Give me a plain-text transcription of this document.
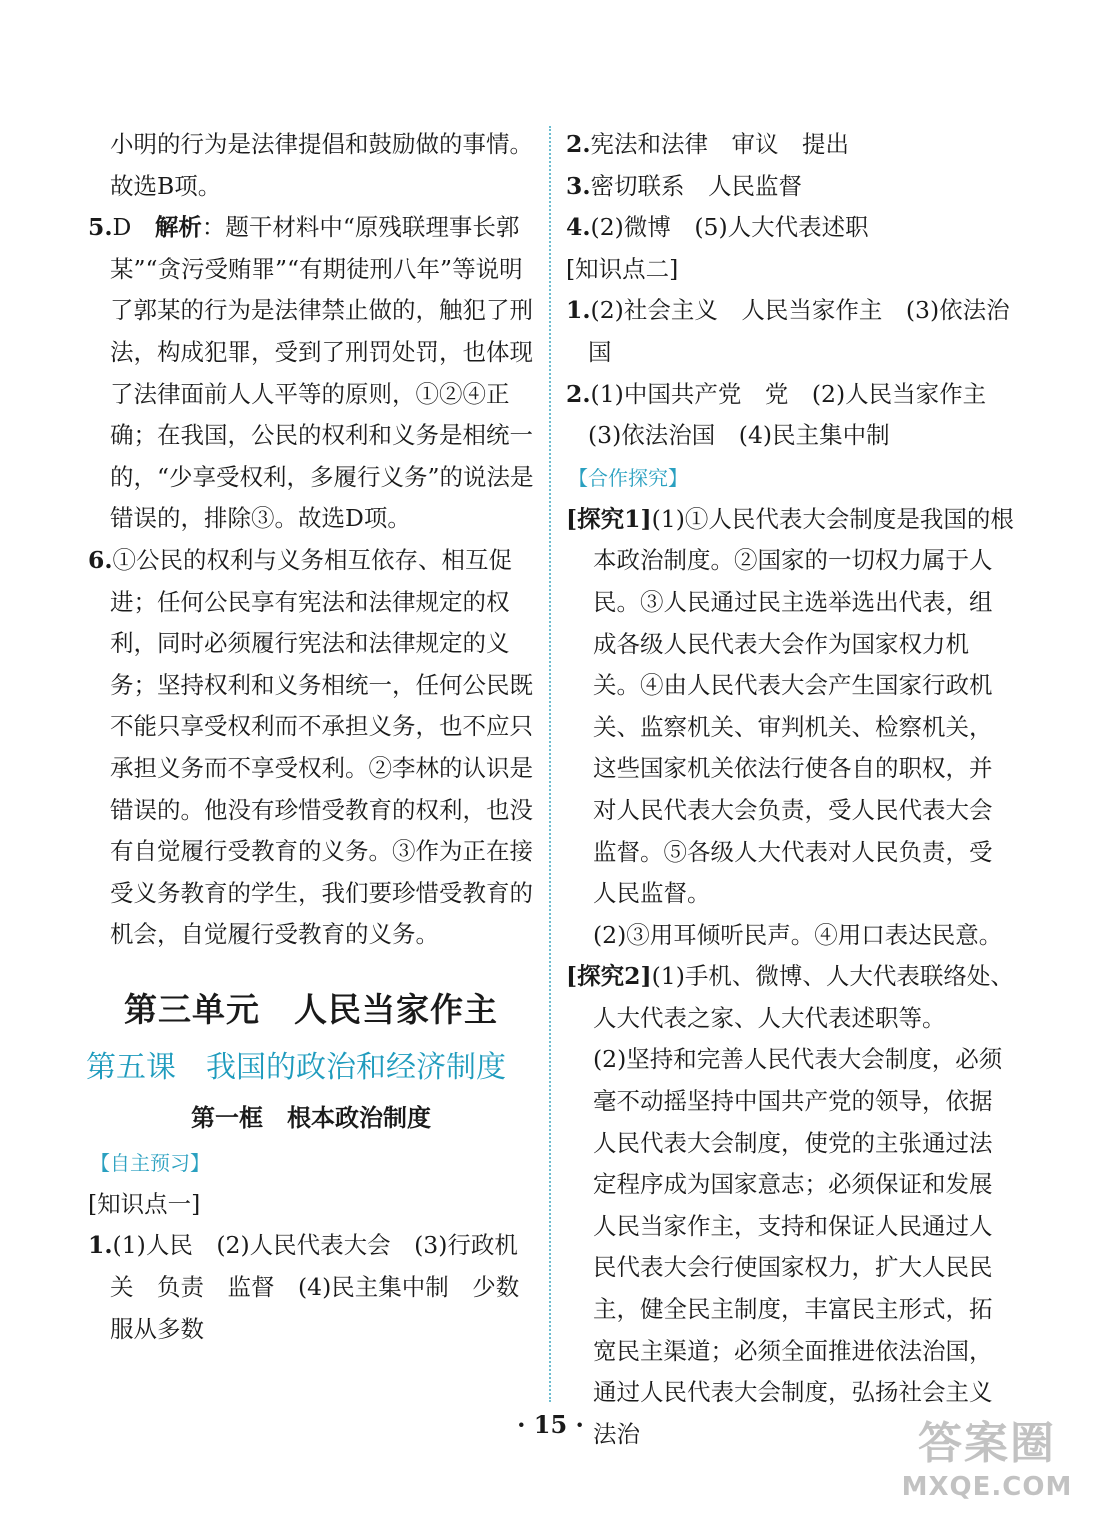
小明的行为是法律提倡和鼓励做的事情。故选B项。

5.D　 解析：题干材料中“原残联理事长郭某”“贪污受贿罪”“有期徒刑八年”等说明了郭某的行为是法律禁止做的，触犯了刑法，构成犯罪，受到了刑罚处罚，也体现了法律面前人人平等的原则，①②④正确；在我国，公民的权利和义务是相统一的，“少享受权利，多履行义务”的说法是错误的，排除③。故选D项。

6.①公民的权利与义务相互依存、相互促进；任何公民享有宪法和法律规定的权利，同时必须履行宪法和法律规定的义务；坚持权利和义务相统一，任何公民既不能只享受权利而不承担义务，也不应只承担义务而不享受权利。②李林的认识是错误的。他没有珍惜受教育的权利，也没有自觉履行受教育的义务。③作为正在接受义务教育的学生，我们要珍惜受教育的机会，自觉履行受教育的义务。

第三单元　人民当家作主
第五课　我国的政治和经济制度
第一框　根本政治制度
【自主预习】

[知识点一]

1.(1)人民　(2)人民代表大会　(3)行政机关　负责　监督　(4)民主集中制　少数服从多数

2.宪法和法律　审议　提出

3.密切联系　人民监督

4.(2)微博　(5)人大代表述职

[知识点二]

1.(2)社会主义　人民当家作主　(3)依法治国

2.(1)中国共产党　党　(2)人民当家作主　(3)依法治国　(4)民主集中制

【合作探究】

[探究1](1)①人民代表大会制度是我国的根本政治制度。②国家的一切权力属于人民。③人民通过民主选举选出代表，组成各级人民代表大会作为国家权力机关。④由人民代表大会产生国家行政机关、监察机关、审判机关、检察机关，这些国家机关依法行使各自的职权，并对人民代表大会负责，受人民代表大会监督。⑤各级人大代表对人民负责，受人民监督。

(2)③用耳倾听民声。④用口表达民意。

[探究2](1)手机、微博、人大代表联络处、人大代表之家、人大代表述职等。

(2)坚持和完善人民代表大会制度，必须毫不动摇坚持中国共产党的领导，依据人民代表大会制度，使党的主张通过法定程序成为国家意志；必须保证和发展人民当家作主，支持和保证人民通过人民代表大会行使国家权力，扩大人民民主，健全民主制度，丰富民主形式，拓宽民主渠道；必须全面推进依法治国，通过人民代表大会制度，弘扬社会主义法治

· 15 ·	答案圈
MXQE.COM
